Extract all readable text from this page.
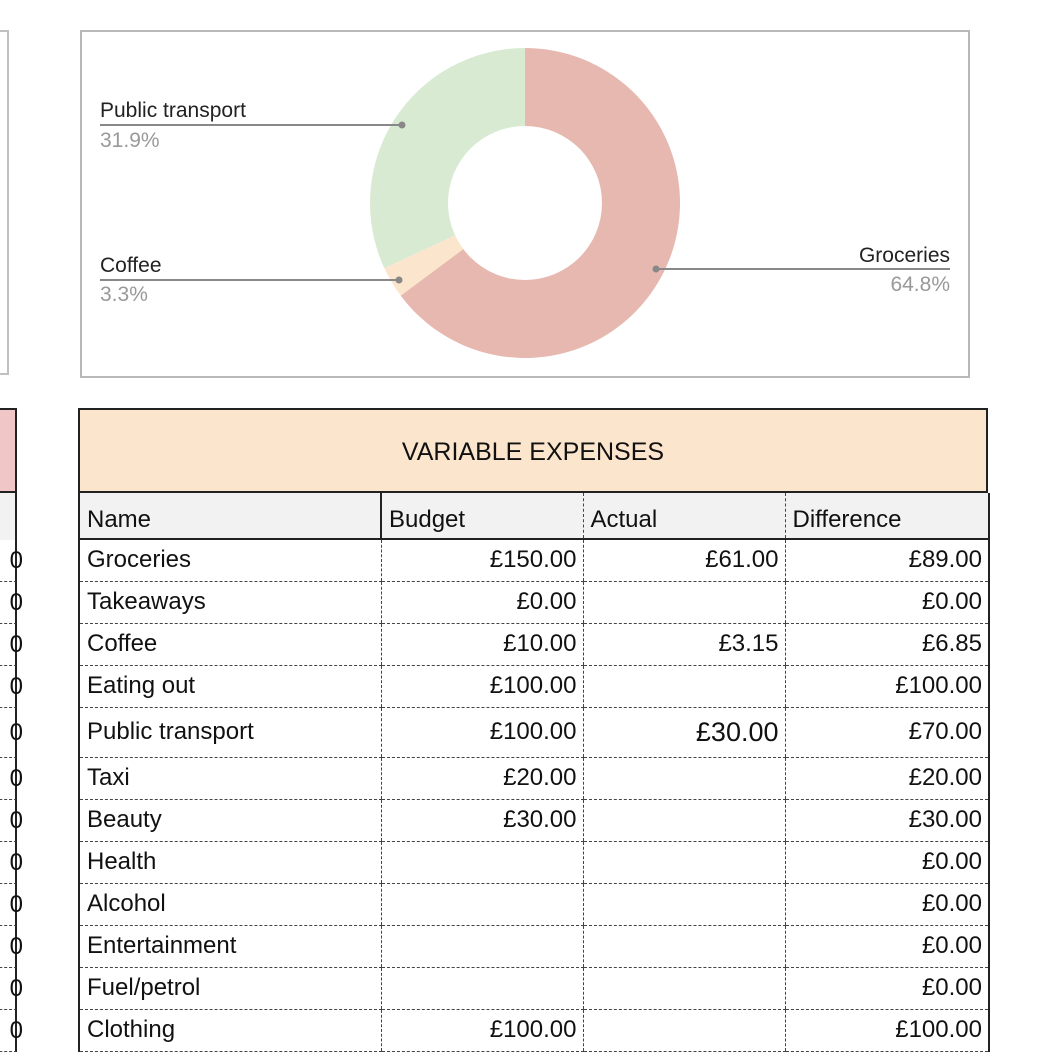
0
0
0
0
0
0
0
0
0
0
0
0
Public transport
31.9%
Coffee
3.3%
Groceries
64.8%
VARIABLE EXPENSES
Name	Budget	Actual	Difference
Groceries	£150.00	£61.00	£89.00
Takeaways	£0.00		£0.00
Coffee	£10.00	£3.15	£6.85
Eating out	£100.00		£100.00
Public transport	£100.00	£30.00	£70.00
Taxi	£20.00		£20.00
Beauty	£30.00		£30.00
Health			£0.00
Alcohol			£0.00
Entertainment			£0.00
Fuel/petrol			£0.00
Clothing	£100.00		£100.00
